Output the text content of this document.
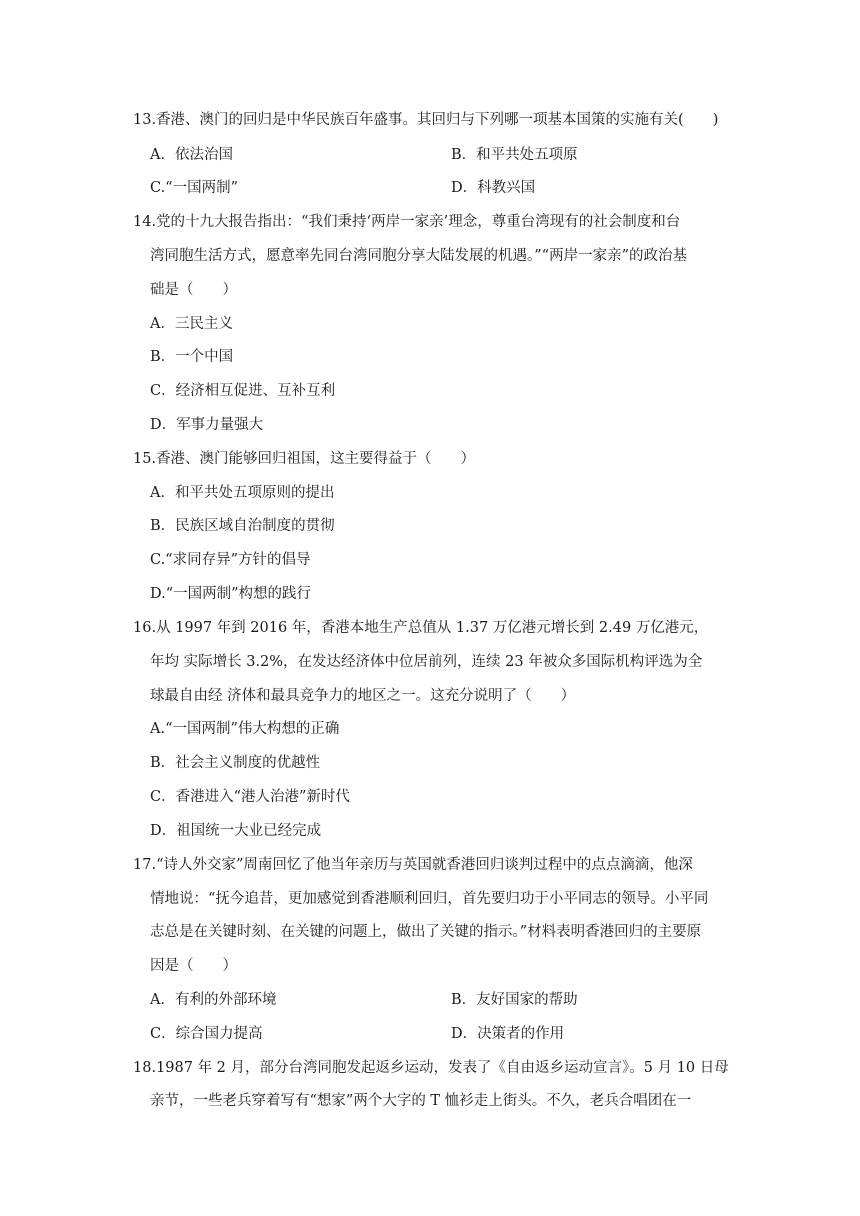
13.香港、澳门的回归是中华民族百年盛事。其回归与下列哪一项基本国策的实施有关(　　)
A．依法治国	B．和平共处五项原
C.“一国两制”	D．科教兴国
14.党的十九大报告指出：“我们秉持‘两岸一家亲’理念，尊重台湾现有的社会制度和台
湾同胞生活方式，愿意率先同台湾同胞分享大陆发展的机遇。”“两岸一家亲”的政治基
础是（　　）
A．三民主义
B．一个中国
C．经济相互促进、互补互利
D．军事力量强大
15.香港、澳门能够回归祖国，这主要得益于（　　）
A．和平共处五项原则的提出
B．民族区域自治制度的贯彻
C.“求同存异”方针的倡导
D.“一国两制”构想的践行
16.从 1997 年到 2016 年，香港本地生产总值从 1.37 万亿港元增长到 2.49 万亿港元，
年均 实际增长 3.2%，在发达经济体中位居前列，连续 23 年被众多国际机构评选为全
球最自由经 济体和最具竞争力的地区之一。这充分说明了（　　）
A.“一国两制”伟大构想的正确
B．社会主义制度的优越性
C．香港进入“港人治港”新时代
D．祖国统一大业已经完成
17.“诗人外交家”周南回忆了他当年亲历与英国就香港回归谈判过程中的点点滴滴，他深
情地说：“抚今追昔，更加感觉到香港顺利回归，首先要归功于小平同志的领导。小平同
志总是在关键时刻、在关键的问题上，做出了关键的指示。”材料表明香港回归的主要原
因是（　　）
A．有利的外部环境	B．友好国家的帮助
C．综合国力提高	D．决策者的作用
18.1987 年 2 月，部分台湾同胞发起返乡运动，发表了《自由返乡运动宣言》。5 月 10 日母
亲节，一些老兵穿着写有“想家”两个大字的 T 恤衫走上街头。不久，老兵合唱团在一
